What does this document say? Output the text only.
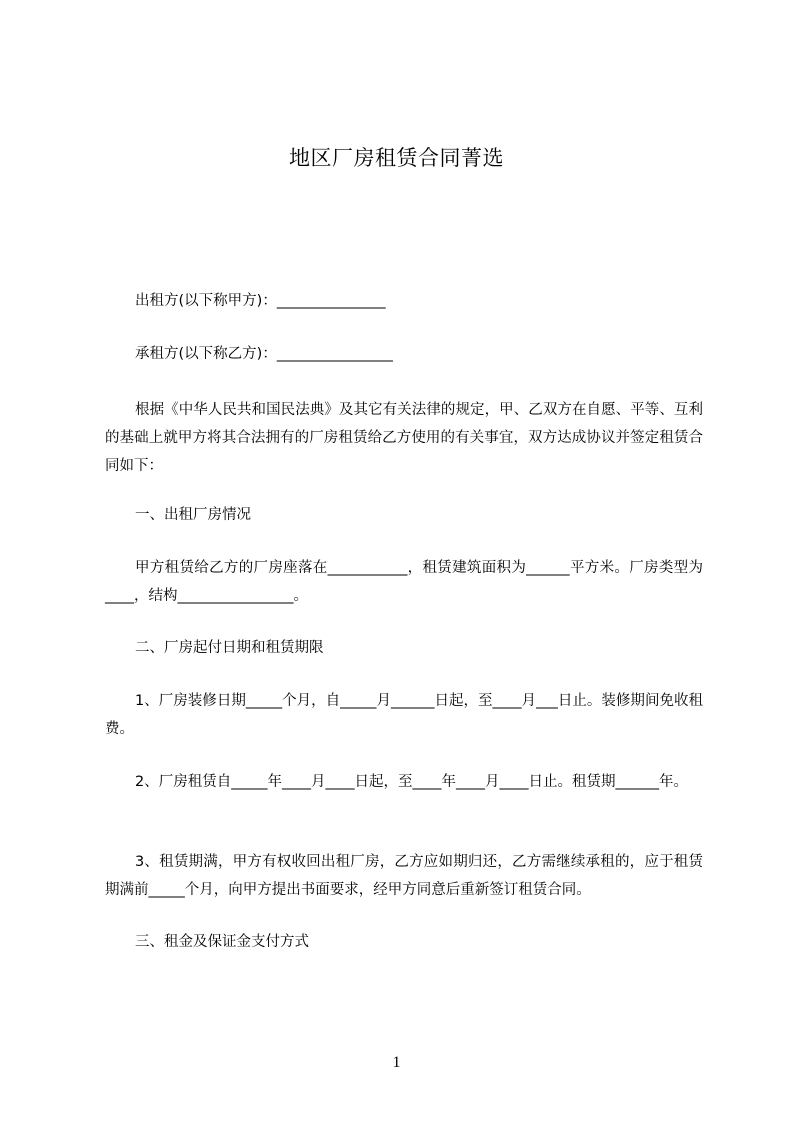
地区厂房租赁合同菁选
出租方(以下称甲方)：_______________
承租方(以下称乙方)：________________
根据《中华人民共和国民法典》及其它有关法律的规定，甲、乙双方在自愿、平等、互利的基础上就甲方将其合法拥有的厂房租赁给乙方使用的有关事宜，双方达成协议并签定租赁合同如下：
一、出租厂房情况
甲方租赁给乙方的厂房座落在___________，租赁建筑面积为______平方米。厂房类型为____，结构________________。
二、厂房起付日期和租赁期限
1、厂房装修日期_____个月，自_____月______日起，至____月___日止。装修期间免收租费。
2、厂房租赁自_____年____月____日起，至____年____月____日止。租赁期______年。
3、租赁期满，甲方有权收回出租厂房，乙方应如期归还，乙方需继续承租的，应于租赁期满前_____个月，向甲方提出书面要求，经甲方同意后重新签订租赁合同。
三、租金及保证金支付方式
1
